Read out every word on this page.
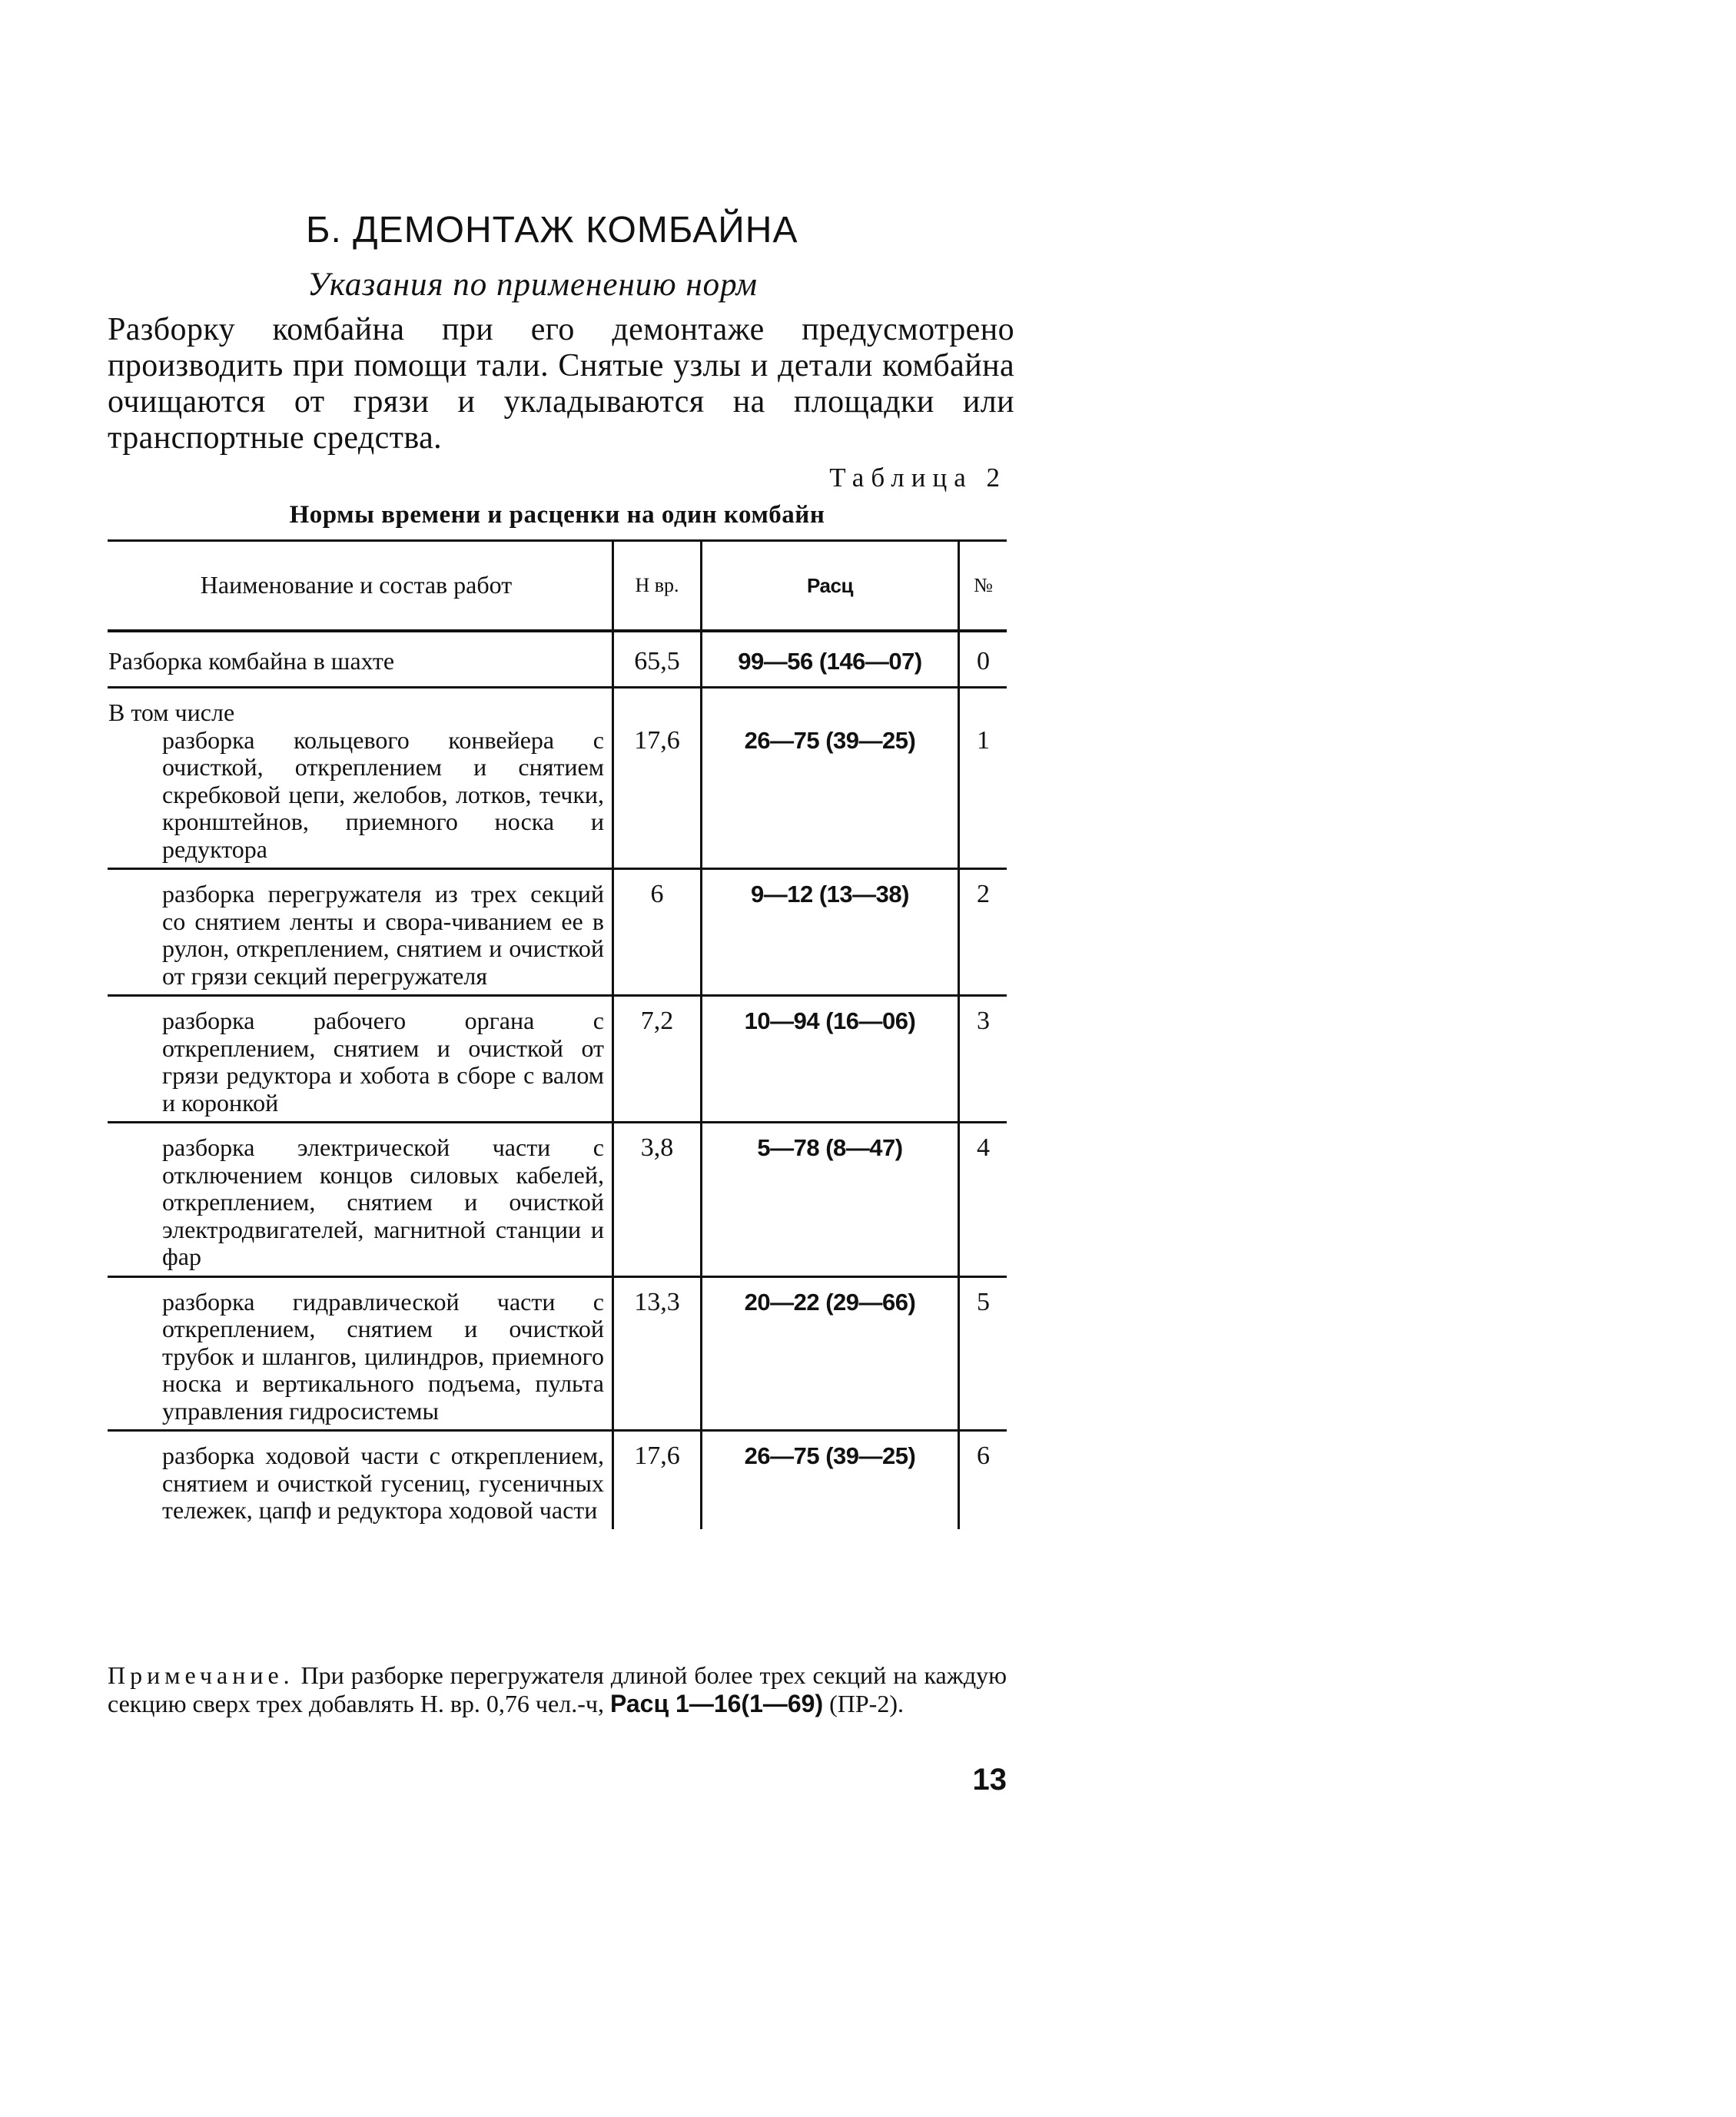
Б. ДЕМОНТАЖ КОМБАЙНА
Указания по применению норм
Разборку комбайна при его демонтаже предусмотрено производить при помощи тали. Снятые узлы и детали комбайна очищаются от грязи и укладываются на площадки или транспортные средства.
Таблица 2
Нормы времени и расценки на один комбайн
Наименование и состав работ	Н вр.	Расц	№
Разборка комбайна в шахте	65,5	99—56 (146—07)	0

В том числе
разборка кольцевого конвейера с очисткой, откреплением и снятием скребковой цепи, желобов, лотков, течки, кронштейнов, приемного носка и редуктора	17,6	26—75 (39—25)	1

разборка перегружателя из трех секций со снятием ленты и свора-чиванием ее в рулон, откреплением, снятием и очисткой от грязи секций перегружателя	6	9—12 (13—38)	2

разборка рабочего органа с откреплением, снятием и очисткой от грязи редуктора и хобота в сборе с валом и коронкой	7,2	10—94 (16—06)	3

разборка электрической части с отключением концов силовых кабелей, откреплением, снятием и очисткой электродвигателей, магнитной станции и фар	3,8	5—78 (8—47)	4

разборка гидравлической части с откреплением, снятием и очисткой трубок и шлангов, цилиндров, приемного носка и вертикального подъема, пульта управления гидросистемы	13,3	20—22 (29—66)	5

разборка ходовой части с откреплением, снятием и очисткой гусениц, гусеничных тележек, цапф и редуктора ходовой части	17,6	26—75 (39—25)	6
Примечание. При разборке перегружателя длиной более трех секций на каждую секцию сверх трех добавлять Н. вр. 0,76 чел.-ч, Расц 1—16(1—69) (ПР-2).
13
